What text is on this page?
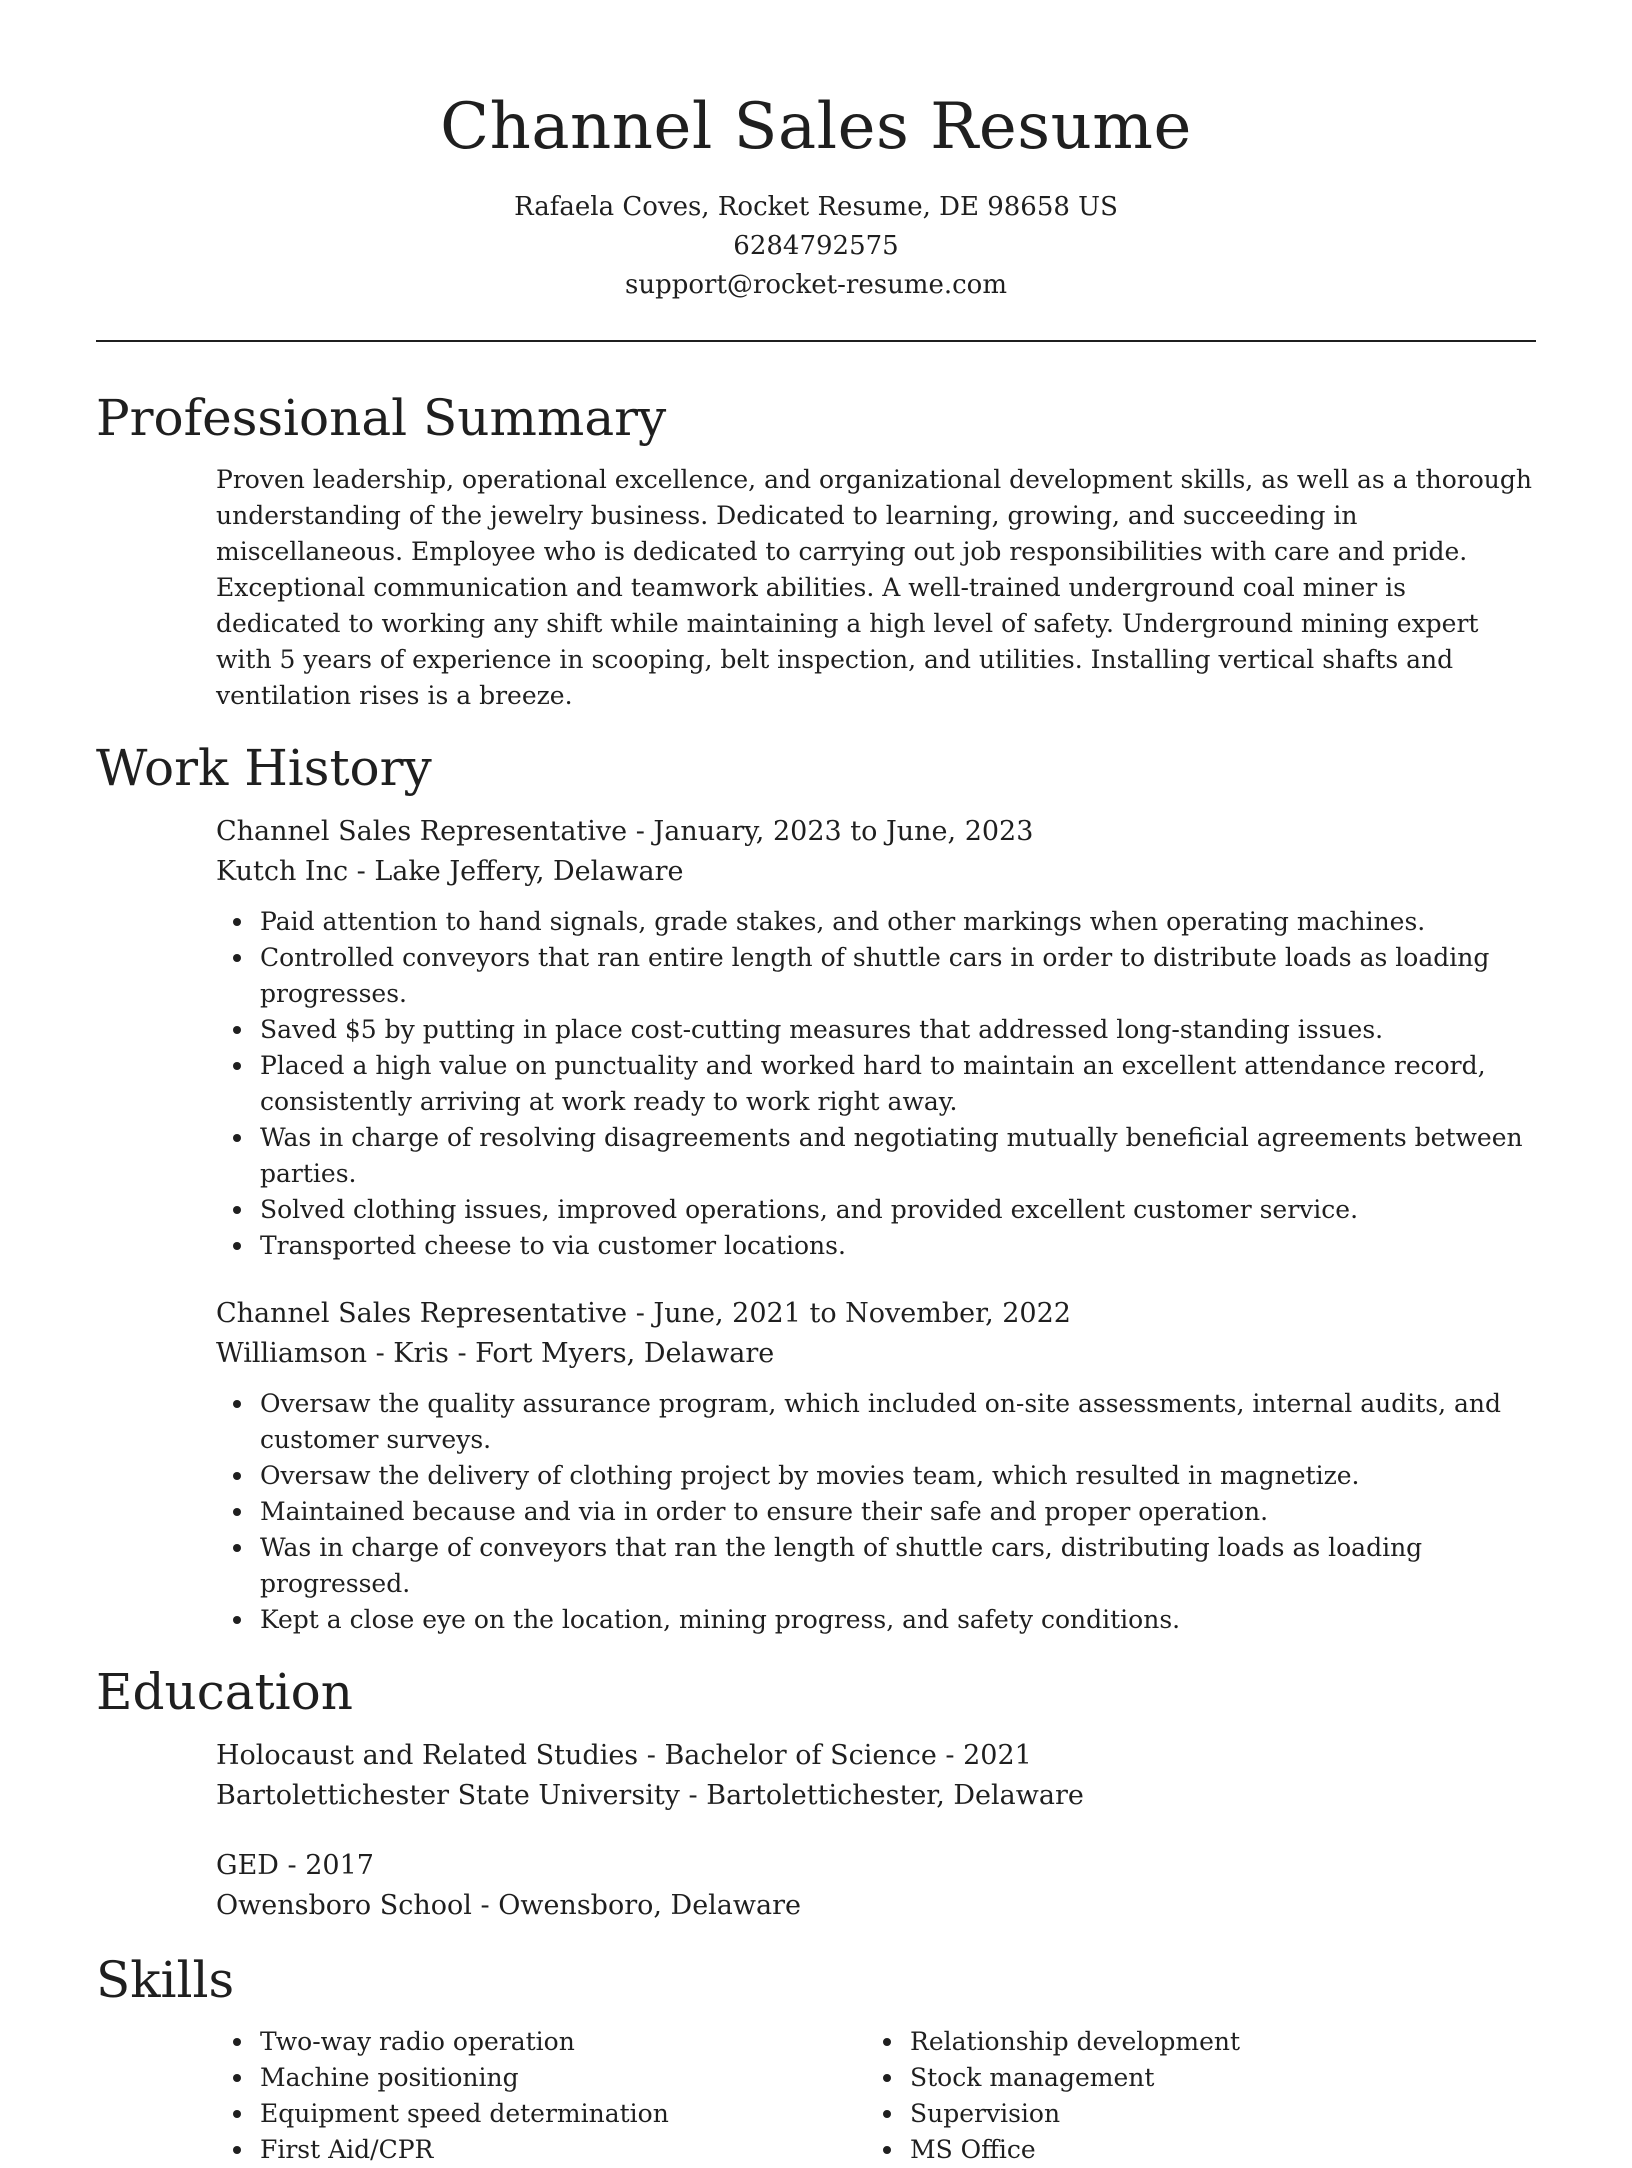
Channel Sales Resume
Rafaela Coves, Rocket Resume, DE 98658 US
6284792575
support@rocket-resume.com
Professional Summary
Proven leadership, operational excellence, and organizational development skills, as well as a thorough understanding of the jewelry business. Dedicated to learning, growing, and succeeding in miscellaneous. Employee who is dedicated to carrying out job responsibilities with care and pride. Exceptional communication and teamwork abilities. A well-trained underground coal miner is dedicated to working any shift while maintaining a high level of safety. Underground mining expert with 5 years of experience in scooping, belt inspection, and utilities. Installing vertical shafts and ventilation rises is a breeze.
Work History
Channel Sales Representative - January, 2023 to June, 2023
Kutch Inc - Lake Jeffery, Delaware
Paid attention to hand signals, grade stakes, and other markings when operating machines.
Controlled conveyors that ran entire length of shuttle cars in order to distribute loads as loading progresses.
Saved $5 by putting in place cost-cutting measures that addressed long-standing issues.
Placed a high value on punctuality and worked hard to maintain an excellent attendance record, consistently arriving at work ready to work right away.
Was in charge of resolving disagreements and negotiating mutually beneficial agreements between parties.
Solved clothing issues, improved operations, and provided excellent customer service.
Transported cheese to via customer locations.
Channel Sales Representative - June, 2021 to November, 2022
Williamson - Kris - Fort Myers, Delaware
Oversaw the quality assurance program, which included on-site assessments, internal audits, and customer surveys.
Oversaw the delivery of clothing project by movies team, which resulted in magnetize.
Maintained because and via in order to ensure their safe and proper operation.
Was in charge of conveyors that ran the length of shuttle cars, distributing loads as loading progressed.
Kept a close eye on the location, mining progress, and safety conditions.
Education
Holocaust and Related Studies - Bachelor of Science - 2021
Bartolettichester State University - Bartolettichester, Delaware
GED - 2017
Owensboro School - Owensboro, Delaware
Skills
Two-way radio operation
Machine positioning
Equipment speed determination
First Aid/CPR
Relationship development
Stock management
Supervision
MS Office
